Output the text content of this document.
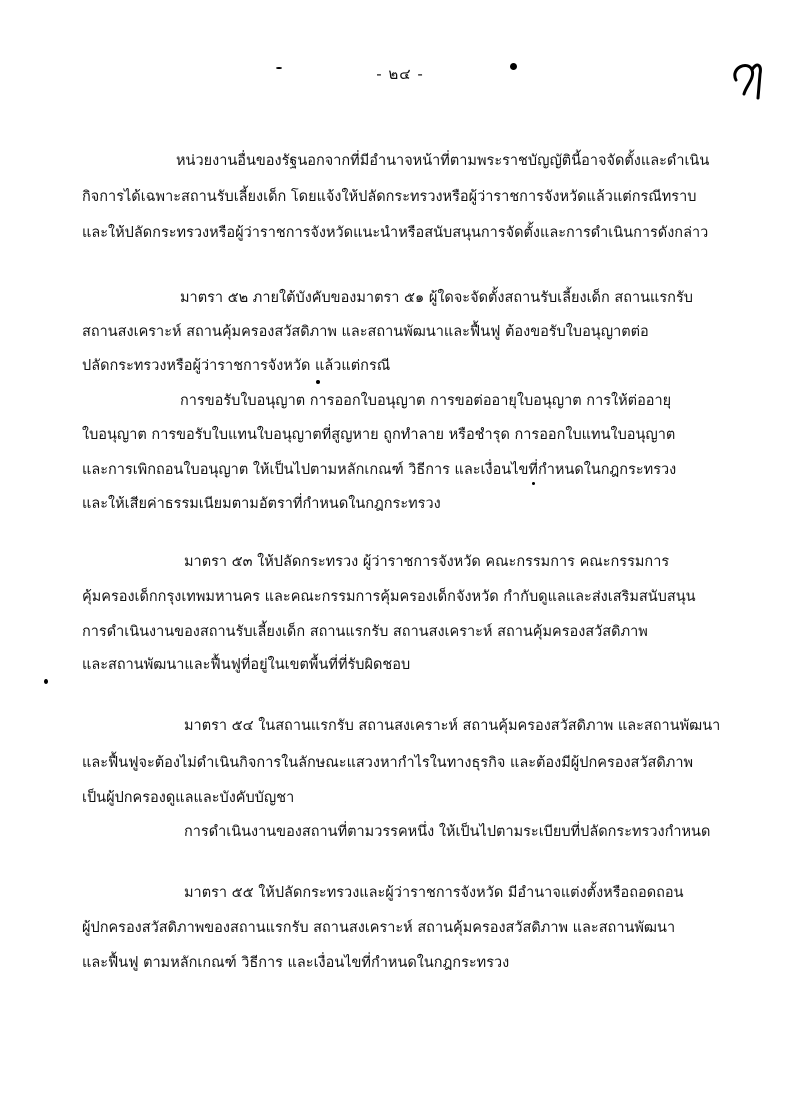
- ๒๔ -
หน่วยงานอื่นของรัฐนอกจากที่มีอำนาจหน้าที่ตามพระราชบัญญัตินี้อาจจัดตั้งและดำเนิน
กิจการได้เฉพาะสถานรับเลี้ยงเด็ก โดยแจ้งให้ปลัดกระทรวงหรือผู้ว่าราชการจังหวัดแล้วแต่กรณีทราบ
และให้ปลัดกระทรวงหรือผู้ว่าราชการจังหวัดแนะนำหรือสนับสนุนการจัดตั้งและการดำเนินการดังกล่าว
มาตรา ๕๒ ภายใต้บังคับของมาตรา ๕๑ ผู้ใดจะจัดตั้งสถานรับเลี้ยงเด็ก สถานแรกรับ
สถานสงเคราะห์ สถานคุ้มครองสวัสดิภาพ และสถานพัฒนาและฟื้นฟู ต้องขอรับใบอนุญาตต่อ
ปลัดกระทรวงหรือผู้ว่าราชการจังหวัด แล้วแต่กรณี
การขอรับใบอนุญาต การออกใบอนุญาต การขอต่ออายุใบอนุญาต การให้ต่ออายุ
ใบอนุญาต การขอรับใบแทนใบอนุญาตที่สูญหาย ถูกทำลาย หรือชำรุด การออกใบแทนใบอนุญาต
และการเพิกถอนใบอนุญาต ให้เป็นไปตามหลักเกณฑ์ วิธีการ และเงื่อนไขที่กำหนดในกฎกระทรวง
และให้เสียค่าธรรมเนียมตามอัตราที่กำหนดในกฎกระทรวง
มาตรา ๕๓ ให้ปลัดกระทรวง ผู้ว่าราชการจังหวัด คณะกรรมการ คณะกรรมการ
คุ้มครองเด็กกรุงเทพมหานคร และคณะกรรมการคุ้มครองเด็กจังหวัด กำกับดูแลและส่งเสริมสนับสนุน
การดำเนินงานของสถานรับเลี้ยงเด็ก สถานแรกรับ สถานสงเคราะห์ สถานคุ้มครองสวัสดิภาพ
และสถานพัฒนาและฟื้นฟูที่อยู่ในเขตพื้นที่ที่รับผิดชอบ
มาตรา ๕๔ ในสถานแรกรับ สถานสงเคราะห์ สถานคุ้มครองสวัสดิภาพ และสถานพัฒนา
และฟื้นฟูจะต้องไม่ดำเนินกิจการในลักษณะแสวงหากำไรในทางธุรกิจ และต้องมีผู้ปกครองสวัสดิภาพ
เป็นผู้ปกครองดูแลและบังคับบัญชา
การดำเนินงานของสถานที่ตามวรรคหนึ่ง ให้เป็นไปตามระเบียบที่ปลัดกระทรวงกำหนด
มาตรา ๕๕ ให้ปลัดกระทรวงและผู้ว่าราชการจังหวัด มีอำนาจแต่งตั้งหรือถอดถอน
ผู้ปกครองสวัสดิภาพของสถานแรกรับ สถานสงเคราะห์ สถานคุ้มครองสวัสดิภาพ และสถานพัฒนา
และฟื้นฟู ตามหลักเกณฑ์ วิธีการ และเงื่อนไขที่กำหนดในกฎกระทรวง
